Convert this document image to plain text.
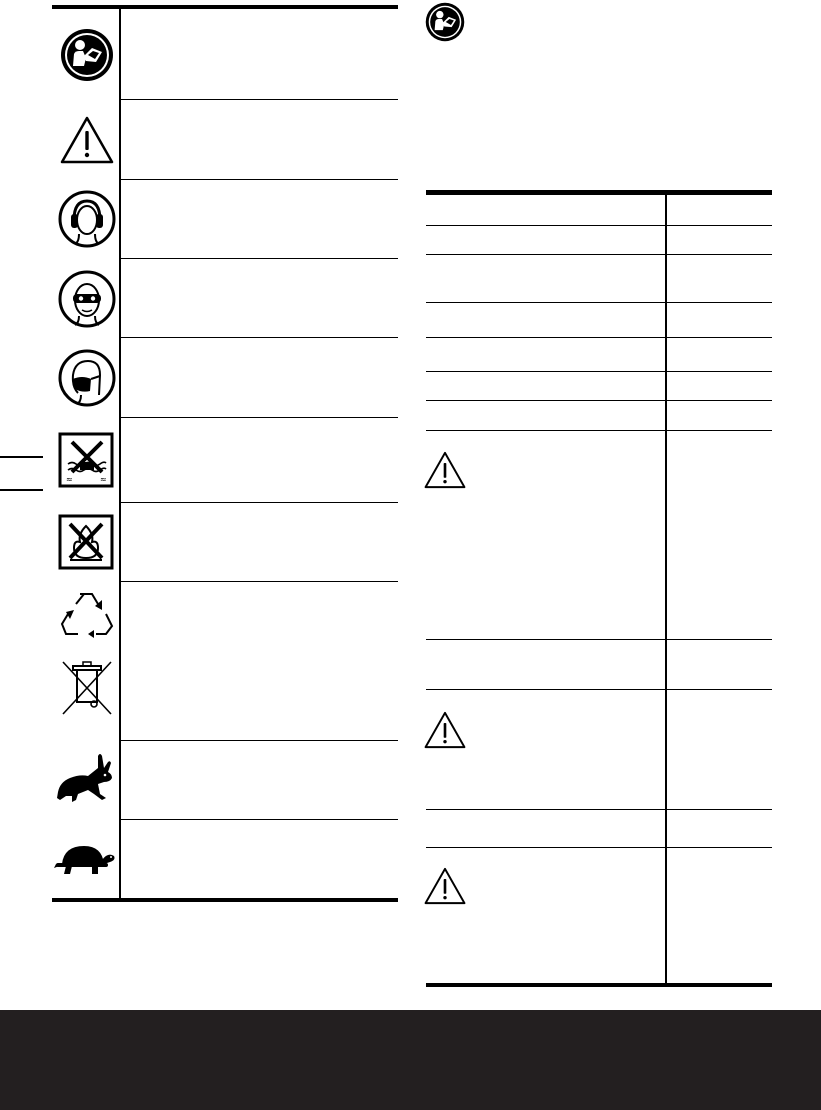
≈	≈
